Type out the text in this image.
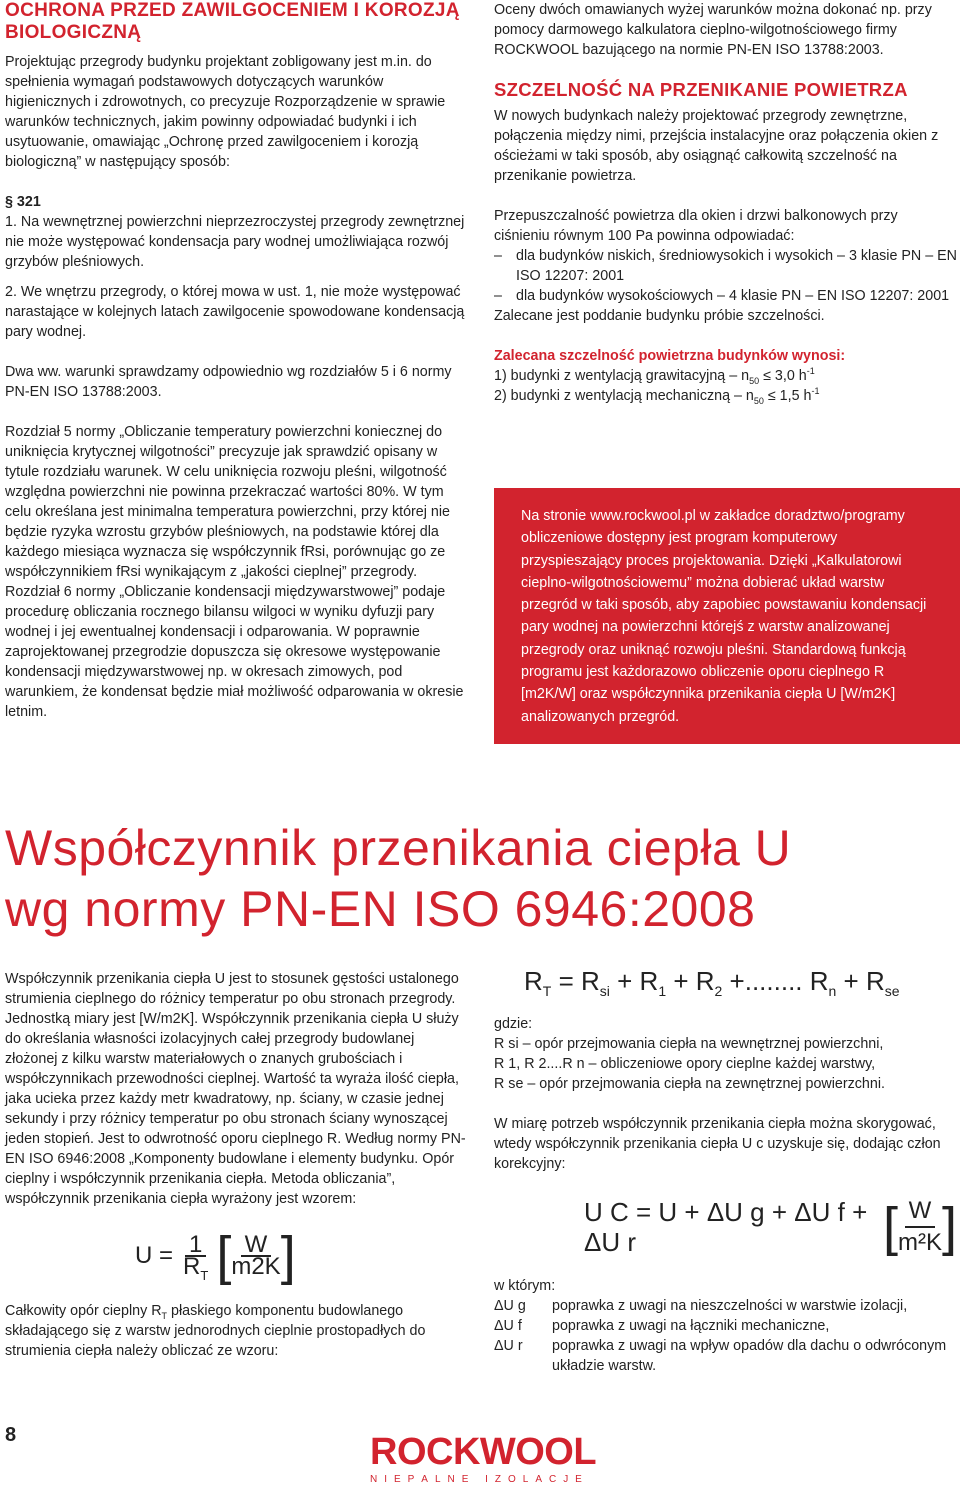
OCHRONA PRZED ZAWILGOCENIEM I KOROZJĄ BIOLOGICZNĄ

Projektując przegrody budynku projektant zobligowany jest m.in. do spełnienia wymagań podstawowych dotyczących warunków higienicznych i zdrowotnych, co precyzuje Rozporządzenie w sprawie warunków technicznych, jakim powinny odpowiadać budynki i ich usytuowanie, omawiając „Ochronę przed zawilgoceniem i korozją biologiczną” w następujący sposób:

§ 321

1. Na wewnętrznej powierzchni nieprzezroczystej przegrody zewnętrznej nie może występować kondensacja pary wodnej umożliwiająca rozwój grzybów pleśniowych.

2. We wnętrzu przegrody, o której mowa w ust. 1, nie może występować narastające w kolejnych latach zawilgocenie spowodowane kondensacją pary wodnej.

Dwa ww. warunki sprawdzamy odpowiednio wg rozdziałów 5 i 6 normy PN-EN ISO 13788:2003.

Rozdział 5 normy „Obliczanie temperatury powierzchni koniecznej do uniknięcia krytycznej wilgotności” precyzuje jak sprawdzić opisany w tytule rozdziału warunek. W celu uniknięcia rozwoju pleśni, wilgotność względna powierzchni nie powinna przekraczać wartości 80%. W tym celu określana jest minimalna temperatura powierzchni, przy której nie będzie ryzyka wzrostu grzybów pleśniowych, na podstawie której dla każdego miesiąca wyznacza się współczynnik fRsi, porównując go ze współczynnikiem fRsi wynikającym z „jakości cieplnej” przegrody.

Rozdział 6 normy „Obliczanie kondensacji międzywarstwowej” podaje procedurę obliczania rocznego bilansu wilgoci w wyniku dyfuzji pary wodnej i jej ewentualnej kondensacji i odparowania. W poprawnie zaprojektowanej przegrodzie dopuszcza się okresowe występowanie kondensacji międzywarstwowej np. w okresach zimowych, pod warunkiem, że kondensat będzie miał możliwość odparowania w okresie letnim.

Oceny dwóch omawianych wyżej warunków można dokonać np. przy pomocy darmowego kalkulatora cieplno-wilgotnościowego firmy ROCKWOOL bazującego na normie PN-EN ISO 13788:2003.

SZCZELNOŚĆ NA PRZENIKANIE POWIETRZA

W nowych budynkach należy projektować przegrody zewnętrzne, połączenia między nimi, przejścia instalacyjne oraz połączenia okien z ościeżami w taki sposób, aby osiągnąć całkowitą szczelność na przenikanie powietrza.

Przepuszczalność powietrza dla okien i drzwi balkonowych przy ciśnieniu równym 100 Pa powinna odpowiadać:

– dla budynków niskich, średniowysokich i wysokich – 3 klasie PN – EN ISO 12207: 2001
– dla budynków wysokościowych – 4 klasie PN – EN ISO 12207: 2001

Zalecane jest poddanie budynku próbie szczelności.

Zalecana szczelność powietrzna budynków wynosi:

1) budynki z wentylacją grawitacyjną – $n_{50} \le 3,0$ $h^{-1}$

2) budynki z wentylacją mechaniczną – $n_{50} \le 1,5$ $h^{-1}$

Na stronie www.rockwool.pl w zakładce doradztwo/programy obliczeniowe dostępny jest program komputerowy przyspieszający proces projektowania. Dzięki „Kalkulatorowi cieplno-wilgotnościowemu” można dobierać układ warstw przegród w taki sposób, aby zapobiec powstawaniu kondensacji pary wodnej na powierzchni którejś z warstw analizowanej przegrody oraz uniknąć rozwoju pleśni. Standardową funkcją programu jest każdorazowo obliczenie oporu cieplnego R [m2K/W] oraz współczynnika przenikania ciepła U [W/m2K] analizowanych przegród.

Współczynnik przenikania ciepła U
wg normy PN-EN ISO 6946:2008

Współczynnik przenikania ciepła U jest to stosunek gęstości ustalonego strumienia cieplnego do różnicy temperatur po obu stronach przegrody. Jednostką miary jest [W/m2K]. Współczynnik przenikania ciepła U służy do określania własności izolacyjnych całej przegrody budowlanej złożonej z kilku warstw materiałowych o znanych grubościach i współczynnikach przewodności cieplnej. Wartość ta wyraża ilość ciepła, jaka ucieka przez każdy metr kwadratowy, np. ściany, w czasie jednej sekundy i przy różnicy temperatur po obu stronach ściany wynoszącej jeden stopień. Jest to odwrotność oporu cieplnego R. Według normy PN-EN ISO 6946:2008 „Komponenty budowlane i elementy budynku. Opór cieplny i współczynnik przenikania ciepła. Metoda obliczania”, współczynnik przenikania ciepła wyrażony jest wzorem:

$U = \frac{1}{R_T}$ [ $\frac{W}{m2K}$ ]

Całkowity opór cieplny $R_T$ płaskiego komponentu budowlanego składającego się z warstw jednorodnych cieplnie prostopadłych do strumienia ciepła należy obliczać ze wzoru:

$R_T = R_{si} + R_1 + R_2$ +........ $R_n + R_{se}$

gdzie:

R si – opór przejmowania ciepła na wewnętrznej powierzchni,

R 1, R 2....R n – obliczeniowe opory cieplne każdej warstwy,

R se – opór przejmowania ciepła na zewnętrznej powierzchni.

W miarę potrzeb współczynnik przenikania ciepła można skorygować, wtedy współczynnik przenikania ciepła U c uzyskuje się, dodając człon korekcyjny:

U C = U + ΔU g + ΔU f + ΔU r	[ $\frac{W}{\text{m²K}}$ ]

w którym:

ΔU g	poprawka z uwagi na nieszczelności w warstwie izolacji,
ΔU f	poprawka z uwagi na łączniki mechaniczne,
ΔU r	poprawka z uwagi na wpływ opadów dla dachu o odwróconym układzie warstw.
8	ROCKWOOL
N I E P A L N E
I Z O L A C J E
